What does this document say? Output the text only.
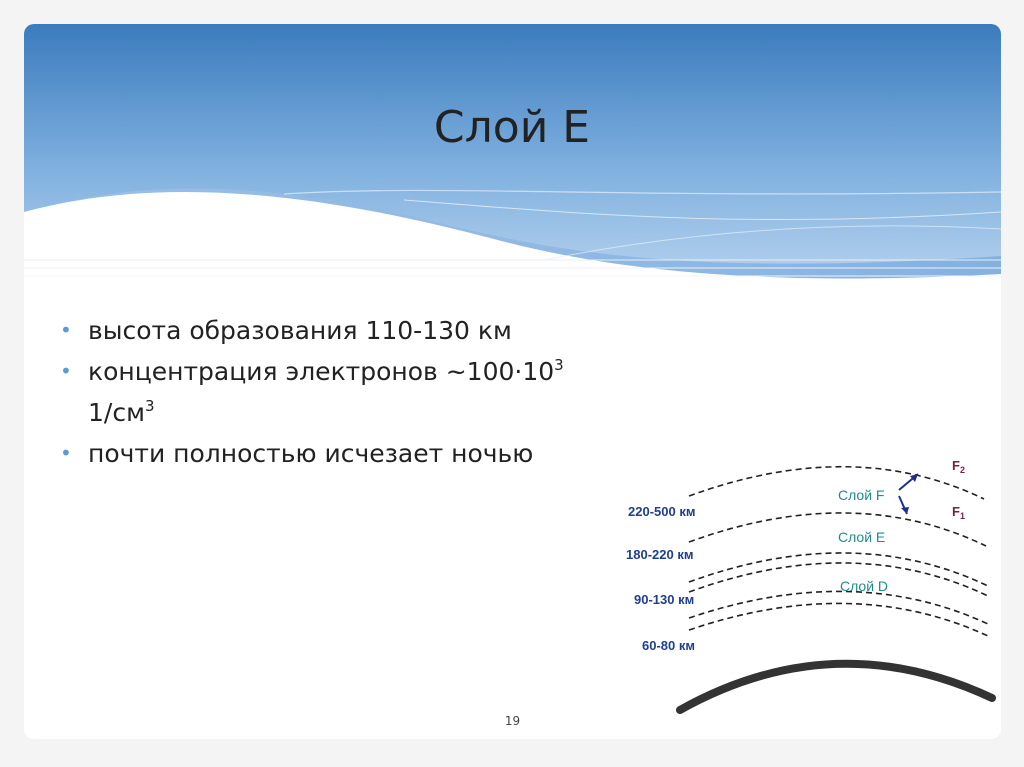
Слой E
• высота образования 110-130 км
• концентрация электронов $\sim 100\cdot 10^3$
$1/см^3$
• почти полностью исчезает ночью
220-500 км
180-220 км
90-130 км
60-80 км
Слой F
Слой E
Слой D
$F_2$
$F_1$
19
